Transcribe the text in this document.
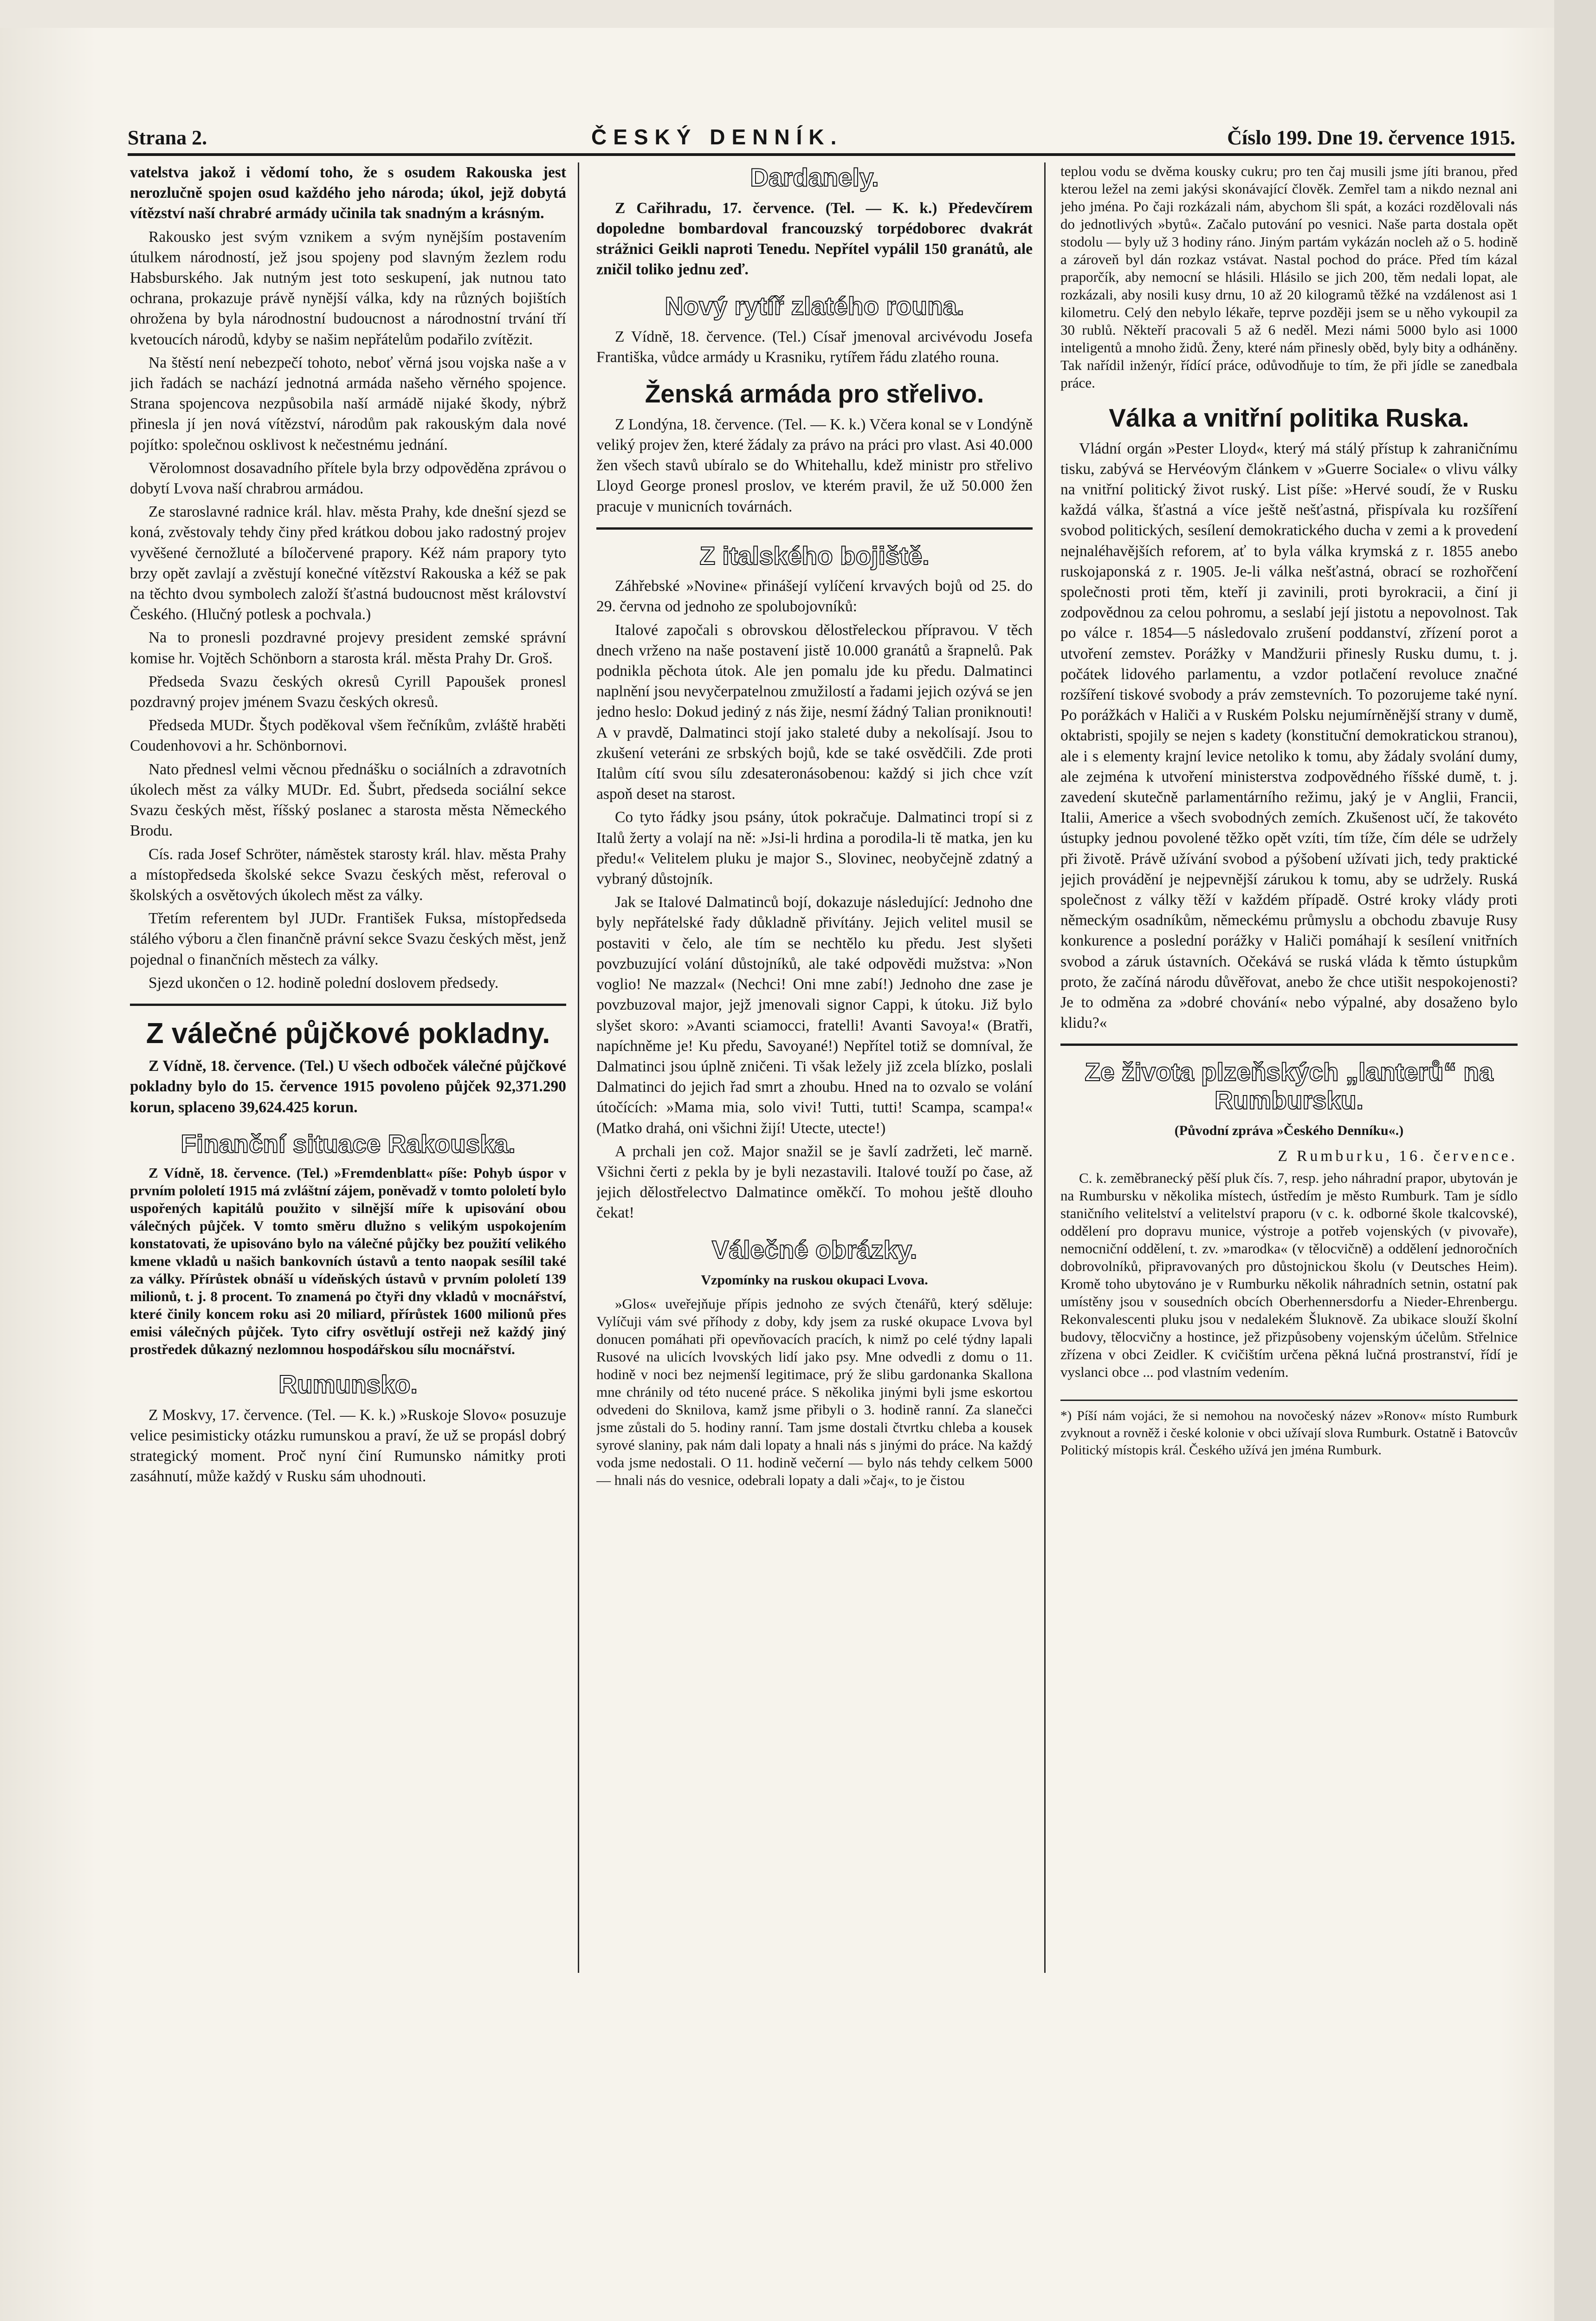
Strana 2.	ČESKÝ DENNÍK.	Číslo 199. Dne 19. července 1915.

vatelstva jakož i vědomí toho, že s osudem Rakouska jest nerozlučně spojen osud každého jeho národa; úkol, jejž dobytá vítězství naší chrabré armády učinila tak snadným a krásným.

Rakousko jest svým vznikem a svým nynějším postavením útulkem národností, jež jsou spojeny pod slavným žezlem rodu Habsburského. Jak nutným jest toto seskupení, jak nutnou tato ochrana, prokazuje právě nynější válka, kdy na různých bojištích ohrožena by byla národnostní budoucnost a národnostní trvání tří kvetoucích národů, kdyby se našim nepřátelům podařilo zvítězit.

Na štěstí není nebezpečí tohoto, neboť věrná jsou vojska naše a v jich řadách se nachází jednotná armáda našeho věrného spojence. Strana spojencova nezpůsobila naší armádě nijaké škody, nýbrž přinesla jí jen nová vítězství, národům pak rakouským dala nové pojítko: společnou osklivost k nečestnému jednání.

Věrolomnost dosavadního přítele byla brzy odpověděna zprávou o dobytí Lvova naší chrabrou armádou.

Ze staroslavné radnice král. hlav. města Prahy, kde dnešní sjezd se koná, zvěstovaly tehdy činy před krátkou dobou jako radostný projev vyvěšené černožluté a bíločervené prapory. Kéž nám prapory tyto brzy opět zavlají a zvěstují konečné vítězství Rakouska a kéž se pak na těchto dvou symbolech založí šťastná budoucnost měst království Českého. (Hlučný potlesk a pochvala.)

Na to pronesli pozdravné projevy president zemské správní komise hr. Vojtěch Schönborn a starosta král. města Prahy Dr. Groš.

Předseda Svazu českých okresů Cyrill Papoušek pronesl pozdravný projev jménem Svazu českých okresů.

Předseda MUDr. Štych poděkoval všem řečníkům, zvláště hraběti Coudenhovovi a hr. Schönbornovi.

Nato přednesl velmi věcnou přednášku o sociálních a zdravotních úkolech měst za války MUDr. Ed. Šubrt, předseda sociální sekce Svazu českých měst, říšský poslanec a starosta města Německého Brodu.

Cís. rada Josef Schröter, náměstek starosty král. hlav. města Prahy a místopředseda školské sekce Svazu českých měst, referoval o školských a osvětových úkolech měst za války.

Třetím referentem byl JUDr. František Fuksa, místopředseda stálého výboru a člen finančně právní sekce Svazu českých měst, jenž pojednal o finančních městech za války.

Sjezd ukončen o 12. hodině polední doslovem předsedy.

Z válečné půjčkové pokladny.

Z Vídně, 18. července. (Tel.) U všech odboček válečné půjčkové pokladny bylo do 15. července 1915 povoleno půjček 92,371.290 korun, splaceno 39,624.425 korun.

Finanční situace Rakouska.

Z Vídně, 18. července. (Tel.) »Fremdenblatt« píše: Pohyb úspor v prvním pololetí 1915 má zvláštní zájem, poněvadž v tomto pololetí bylo uspořených kapitálů použito v silnější míře k upisování obou válečných půjček. V tomto směru dlužno s velikým uspokojením konstatovati, že upisováno bylo na válečné půjčky bez použití velikého kmene vkladů u našich bankovních ústavů a tento naopak sesílil také za války. Přírůstek obnáší u vídeňských ústavů v prvním pololetí 139 milionů, t. j. 8 procent. To znamená po čtyři dny vkladů v mocnářství, které činily koncem roku asi 20 miliard, přírůstek 1600 milionů přes emisi válečných půjček. Tyto cifry osvětlují ostřeji než každý jiný prostředek důkazný nezlomnou hospodářskou sílu mocnářství.

Rumunsko.

Z Moskvy, 17. července. (Tel. — K. k.) »Ruskoje Slovo« posuzuje velice pesimisticky otázku rumunskou a praví, že už se propásl dobrý strategický moment. Proč nyní činí Rumunsko námitky proti zasáhnutí, může každý v Rusku sám uhodnouti.

Dardanely.

Z Cařihradu, 17. července. (Tel. — K. k.) Předevčírem dopoledne bombardoval francouzský torpédoborec dvakrát strážnici Geikli naproti Tenedu. Nepřítel vypálil 150 granátů, ale zničil toliko jednu zeď.

Nový rytíř zlatého rouna.

Z Vídně, 18. července. (Tel.) Císař jmenoval arcivévodu Josefa Františka, vůdce armády u Krasniku, rytířem řádu zlatého rouna.

Ženská armáda pro střelivo.

Z Londýna, 18. července. (Tel. — K. k.) Včera konal se v Londýně veliký projev žen, které žádaly za právo na práci pro vlast. Asi 40.000 žen všech stavů ubíralo se do Whitehallu, kdež ministr pro střelivo Lloyd George pronesl proslov, ve kterém pravil, že už 50.000 žen pracuje v municních továrnách.

Z italského bojiště.

Záhřebské »Novine« přinášejí vylíčení krvavých bojů od 25. do 29. června od jednoho ze spolubojovníků:

Italové započali s obrovskou dělostřeleckou přípravou. V těch dnech vrženo na naše postavení jistě 10.000 granátů a šrapnelů. Pak podnikla pěchota útok. Ale jen pomalu jde ku předu. Dalmatinci naplnění jsou nevyčerpatelnou zmužilostí a řadami jejich ozývá se jen jedno heslo: Dokud jediný z nás žije, nesmí žádný Talian proniknouti! A v pravdě, Dalmatinci stojí jako staleté duby a nekolísají. Jsou to zkušení veteráni ze srbských bojů, kde se také osvědčili. Zde proti Italům cítí svou sílu zdesateronásobenou: každý si jich chce vzít aspoň deset na starost.

Co tyto řádky jsou psány, útok pokračuje. Dalmatinci tropí si z Italů žerty a volají na ně: »Jsi-li hrdina a porodila-li tě matka, jen ku předu!« Velitelem pluku je major S., Slovinec, neobyčejně zdatný a vybraný důstojník.

Jak se Italové Dalmatinců bojí, dokazuje následující: Jednoho dne byly nepřátelské řady důkladně přivítány. Jejich velitel musil se postaviti v čelo, ale tím se nechtělo ku předu. Jest slyšeti povzbuzující volání důstojníků, ale také odpovědi mužstva: »Non voglio! Ne mazzal« (Nechci! Oni mne zabí!) Jednoho dne zase je povzbuzoval major, jejž jmenovali signor Cappi, k útoku. Již bylo slyšet skoro: »Avanti sciamocci, fratelli! Avanti Savoya!« (Bratři, napíchněme je! Ku předu, Savoyané!) Nepřítel totiž se domníval, že Dalmatinci jsou úplně zničeni. Ti však ležely již zcela blízko, poslali Dalmatinci do jejich řad smrt a zhoubu. Hned na to ozvalo se volání útočících: »Mama mia, solo vivi! Tutti, tutti! Scampa, scampa!« (Matko drahá, oni všichni žijí! Utecte, utecte!)

A prchali jen což. Major snažil se je šavlí zadržeti, leč marně. Všichni čerti z pekla by je byli nezastavili. Italové touží po čase, až jejich dělostřelectvo Dalmatince oměkčí. To mohou ještě dlouho čekat!

Válečné obrázky.
Vzpomínky na ruskou okupaci Lvova.

»Glos« uveřejňuje přípis jednoho ze svých čtenářů, který sděluje: Vylíčuji vám své příhody z doby, kdy jsem za ruské okupace Lvova byl donucen pomáhati při opevňovacích pracích, k nimž po celé týdny lapali Rusové na ulicích lvovských lidí jako psy. Mne odvedli z domu o 11. hodině v noci bez nejmenší legitimace, prý že slibu gardonanka Skallona mne chránily od této nucené práce. S několika jinými byli jsme eskortou odvedeni do Sknilova, kamž jsme přibyli o 3. hodině ranní. Za slanečci jsme zůstali do 5. hodiny ranní. Tam jsme dostali čtvrtku chleba a kousek syrové slaniny, pak nám dali lopaty a hnali nás s jinými do práce. Na každý voda jsme nedostali. O 11. hodině večerní — bylo nás tehdy celkem 5000 — hnali nás do vesnice, odebrali lopaty a dali »čaj«, to je čistou

teplou vodu se dvěma kousky cukru; pro ten čaj musili jsme jíti branou, před kterou ležel na zemi jakýsi skonávající člověk. Zemřel tam a nikdo neznal ani jeho jména. Po čaji rozkázali nám, abychom šli spát, a kozáci rozdělovali nás do jednotlivých »bytů«. Začalo putování po vesnici. Naše parta dostala opět stodolu — byly už 3 hodiny ráno. Jiným partám vykázán nocleh až o 5. hodině a zároveň byl dán rozkaz vstávat. Nastal pochod do práce. Před tím kázal praporčík, aby nemocní se hlásili. Hlásilo se jich 200, těm nedali lopat, ale rozkázali, aby nosili kusy drnu, 10 až 20 kilogramů těžké na vzdálenost asi 1 kilometru. Celý den nebylo lékaře, teprve později jsem se u něho vykoupil za 30 rublů. Někteří pracovali 5 až 6 neděl. Mezi námi 5000 bylo asi 1000 inteligentů a mnoho židů. Ženy, které nám přinesly oběd, byly bity a odháněny. Tak nařídil inženýr, řídící práce, odůvodňuje to tím, že při jídle se zanedbala práce.

Válka a vnitřní politika Ruska.

Vládní orgán »Pester Lloyd«, který má stálý přístup k zahraničnímu tisku, zabývá se Hervéovým článkem v »Guerre Sociale« o vlivu války na vnitřní politický život ruský. List píše: »Hervé soudí, že v Rusku každá válka, šťastná a více ještě nešťastná, přispívala ku rozšíření svobod politických, sesílení demokratického ducha v zemi a k provedení nejnaléhavějších reforem, ať to byla válka krymská z r. 1855 anebo ruskojaponská z r. 1905. Je-li válka nešťastná, obrací se rozhořčení společnosti proti těm, kteří ji zavinili, proti byrokracii, a činí ji zodpovědnou za celou pohromu, a seslabí její jistotu a nepovolnost. Tak po válce r. 1854—5 následovalo zrušení poddanství, zřízení porot a utvoření zemstev. Porážky v Mandžurii přinesly Rusku dumu, t. j. počátek lidového parlamentu, a vzdor potlačení revoluce značné rozšíření tiskové svobody a práv zemstevních. To pozorujeme také nyní. Po porážkách v Haliči a v Ruském Polsku nejumírněnější strany v dumě, oktabristi, spojily se nejen s kadety (konstituční demokratickou stranou), ale i s elementy krajní levice netoliko k tomu, aby žádaly svolání dumy, ale zejména k utvoření ministerstva zodpovědného říšské dumě, t. j. zavedení skutečně parlamentárního režimu, jaký je v Anglii, Francii, Italii, Americe a všech svobodných zemích. Zkušenost učí, že takovéto ústupky jednou povolené těžko opět vzíti, tím tíže, čím déle se udržely při životě. Právě užívání svobod a pýšobení užívati jich, tedy praktické jejich provádění je nejpevnější zárukou k tomu, aby se udržely. Ruská společnost z války těží v každém případě. Ostré kroky vlády proti německým osadníkům, německému průmyslu a obchodu zbavuje Rusy konkurence a poslední porážky v Haliči pomáhají k sesílení vnitřních svobod a záruk ústavních. Očekává se ruská vláda k těmto ústupkům proto, že začíná národu důvěřovat, anebo že chce utišit nespokojenosti? Je to odměna za »dobré chování« nebo výpalné, aby dosaženo bylo klidu?«

Ze života plzeňských „lanterů“ na Rumbursku.
(Původní zpráva »Českého Denníku«.)

Z Rumburku, 16. července.

C. k. zeměbranecký pěší pluk čís. 7, resp. jeho náhradní prapor, ubytován je na Rumbursku v několika místech, ústředím je město Rumburk. Tam je sídlo staničního velitelství a velitelství praporu (v c. k. odborné škole tkalcovské), oddělení pro dopravu munice, výstroje a potřeb vojenských (v pivovaře), nemocniční oddělení, t. zv. »marodka« (v tělocvičně) a oddělení jednoročních dobrovolníků, připravovaných pro důstojnickou školu (v Deutsches Heim). Kromě toho ubytováno je v Rumburku několik náhradních setnin, ostatní pak umístěny jsou v sousedních obcích Oberhennersdorfu a Nieder-Ehrenbergu. Rekonvalescenti pluku jsou v nedalekém Šluknově. Za ubikace slouží školní budovy, tělocvičny a hostince, jež přizpůsobeny vojenským účelům. Střelnice zřízena v obci Zeidler. K cvičištím určena pěkná lučná prostranství, řídí je vyslanci obce ... pod vlastním vedením.

*) Píší nám vojáci, že si nemohou na novočeský název »Ronov« místo Rumburk zvyknout a rovněž i české kolonie v obci užívají slova Rumburk. Ostatně i Batovcův Politický místopis král. Českého užívá jen jména Rumburk.
